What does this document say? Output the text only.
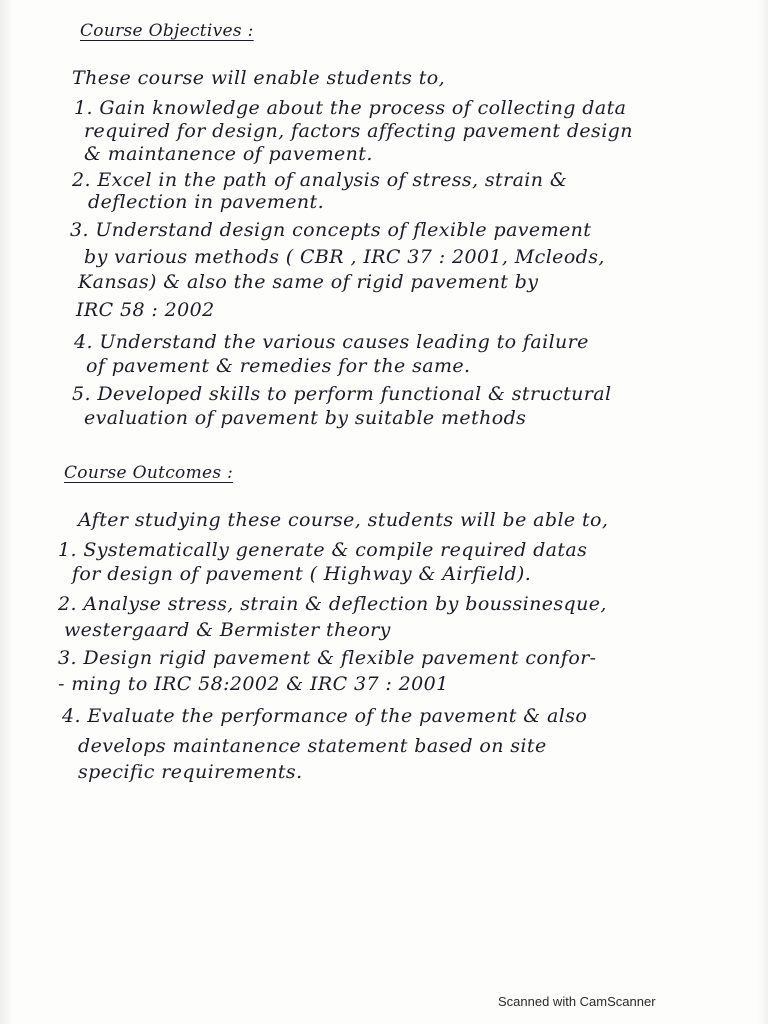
Course Objectives :
These course will enable students to,
1. Gain knowledge about the process of collecting data
required for design, factors affecting pavement design
& maintanence of pavement.
2. Excel in the path of analysis of stress, strain &
deflection in pavement.
3. Understand design concepts of flexible pavement
by various methods ( CBR , IRC 37 : 2001, Mcleods,
Kansas) & also the same of rigid pavement by
IRC 58 : 2002
4. Understand the various causes leading to failure
of pavement & remedies for the same.
5. Developed skills to perform functional & structural
evaluation of pavement by suitable methods
Course Outcomes :
After studying these course, students will be able to,
1. Systematically generate & compile required datas
for design of pavement ( Highway & Airfield).
2. Analyse stress, strain & deflection by boussinesque,
westergaard & Bermister theory
3. Design rigid pavement & flexible pavement confor-
- ming to IRC 58:2002 & IRC 37 : 2001
4. Evaluate the performance of the pavement & also
develops maintanence statement based on site
specific requirements.
Scanned with CamScanner
